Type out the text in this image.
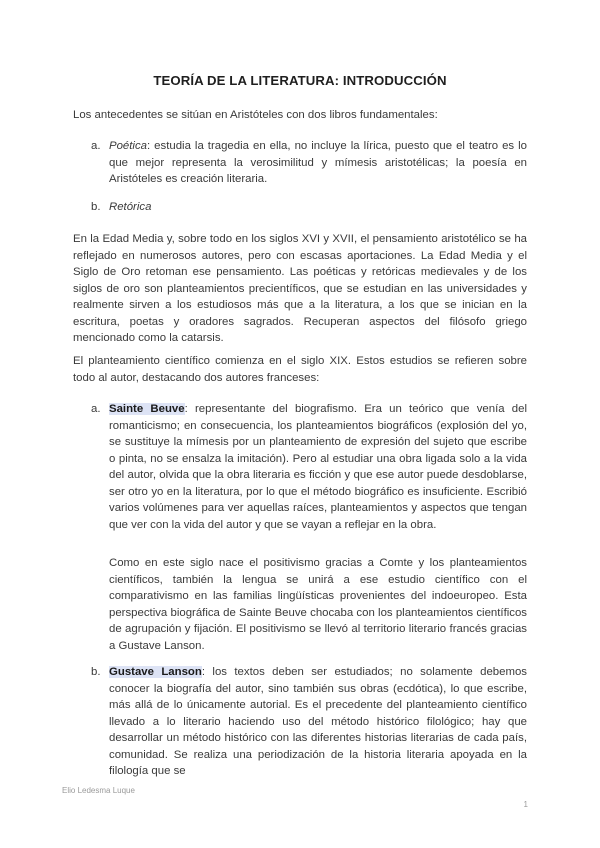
TEORÍA DE LA LITERATURA: INTRODUCCIÓN

Los antecedentes se sitúan en Aristóteles con dos libros fundamentales:

a. Poética: estudia la tragedia en ella, no incluye la lírica, puesto que el teatro es lo que mejor representa la verosimilitud y mímesis aristotélicas; la poesía en Aristóteles es creación literaria.
b. Retórica

En la Edad Media y, sobre todo en los siglos XVI y XVII, el pensamiento aristotélico se ha reflejado en numerosos autores, pero con escasas aportaciones. La Edad Media y el Siglo de Oro retoman ese pensamiento. Las poéticas y retóricas medievales y de los siglos de oro son planteamientos precientíficos, que se estudian en las universidades y realmente sirven a los estudiosos más que a la literatura, a los que se inician en la escritura, poetas y oradores sagrados. Recuperan aspectos del filósofo griego mencionado como la catarsis.

El planteamiento científico comienza en el siglo XIX. Estos estudios se refieren sobre todo al autor, destacando dos autores franceses:

a. Sainte Beuve: representante del biografismo. Era un teórico que venía del romanticismo; en consecuencia, los planteamientos biográficos (explosión del yo, se sustituye la mímesis por un planteamiento de expresión del sujeto que escribe o pinta, no se ensalza la imitación). Pero al estudiar una obra ligada solo a la vida del autor, olvida que la obra literaria es ficción y que ese autor puede desdoblarse, ser otro yo en la literatura, por lo que el método biográfico es insuficiente. Escribió varios volúmenes para ver aquellas raíces, planteamientos y aspectos que tengan que ver con la vida del autor y que se vayan a reflejar en la obra.
Como en este siglo nace el positivismo gracias a Comte y los planteamientos científicos, también la lengua se unirá a ese estudio científico con el comparativismo en las familias lingüísticas provenientes del indoeuropeo. Esta perspectiva biográfica de Sainte Beuve chocaba con los planteamientos científicos de agrupación y fijación. El positivismo se llevó al territorio literario francés gracias a Gustave Lanson.
b. Gustave Lanson: los textos deben ser estudiados; no solamente debemos conocer la biografía del autor, sino también sus obras (ecdótica), lo que escribe, más allá de lo únicamente autorial. Es el precedente del planteamiento científico llevado a lo literario haciendo uso del método histórico filológico; hay que desarrollar un método histórico con las diferentes historias literarias de cada país, comunidad. Se realiza una periodización de la historia literaria apoyada en la filología que se
Elio Ledesma Luque
1
